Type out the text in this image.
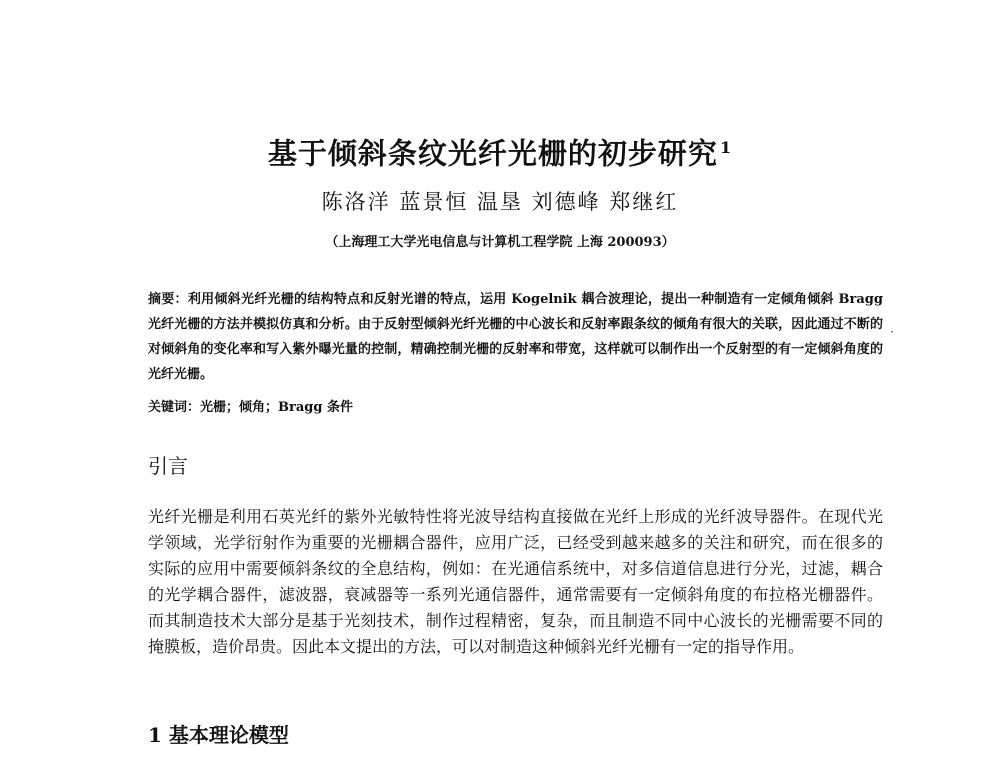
基于倾斜条纹光纤光栅的初步研究 $^1$
陈洛洋 蓝景恒 温垦 刘德峰 郑继红
（上海理工大学光电信息与计算机工程学院 上海 200093）
摘要：利用倾斜光纤光栅的结构特点和反射光谱的特点，运用 Kogelnik 耦合波理论，提出一种制造有一定倾角倾斜 Bragg 光纤光栅的方法并模拟仿真和分析。由于反射型倾斜光纤光栅的中心波长和反射率跟条纹的倾角有很大的关联，因此通过不断的对倾斜角的变化率和写入紫外曝光量的控制，精确控制光栅的反射率和带宽，这样就可以制作出一个反射型的有一定倾斜角度的光纤光栅。
·
关键词：光栅；倾角；Bragg 条件
引言
光纤光栅是利用石英光纤的紫外光敏特性将光波导结构直接做在光纤上形成的光纤波导器件。在现代光学领域，光学衍射作为重要的光栅耦合器件，应用广泛，已经受到越来越多的关注和研究，而在很多的实际的应用中需要倾斜条纹的全息结构，例如：在光通信系统中，对多信道信息进行分光，过滤，耦合的光学耦合器件，滤波器，衰减器等一系列光通信器件，通常需要有一定倾斜角度的布拉格光栅器件。而其制造技术大部分是基于光刻技术，制作过程精密，复杂，而且制造不同中心波长的光栅需要不同的掩膜板，造价昂贵。因此本文提出的方法，可以对制造这种倾斜光纤光栅有一定的指导作用。
1 基本理论模型
